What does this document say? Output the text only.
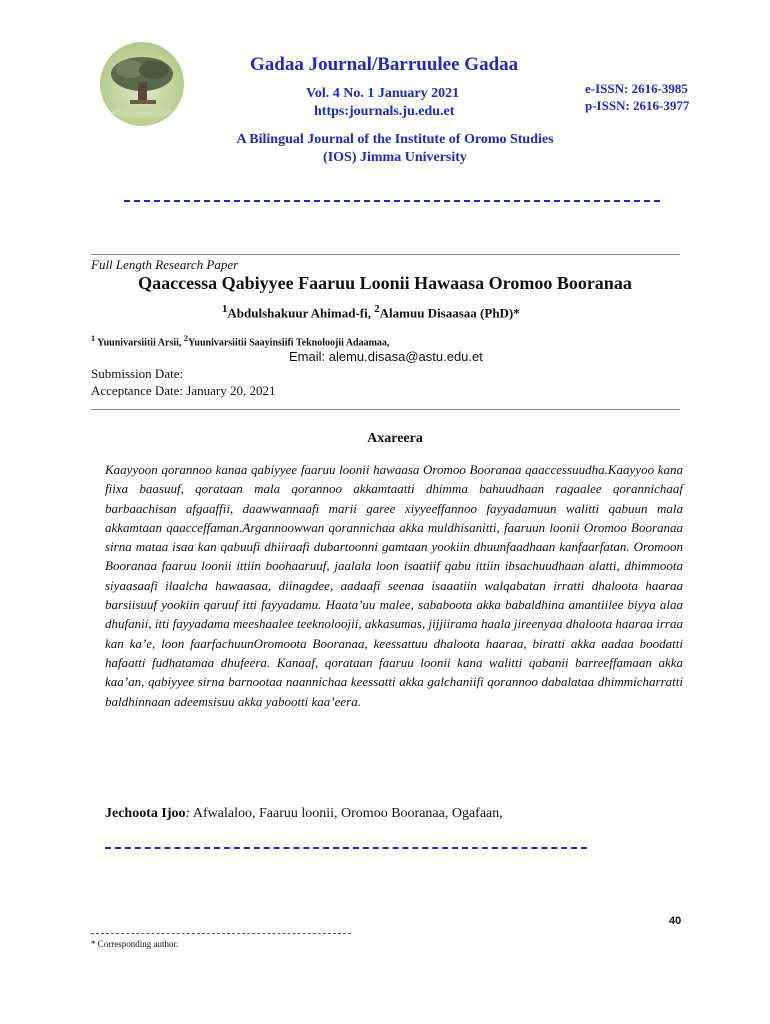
Gadaa Journal/Barruulee Gadaa
Vol. 4 No. 1 January 2021
https:journals.ju.edu.et
e-ISSN: 2616-3985
p-ISSN: 2616-3977
A Bilingual Journal of the Institute of Oromo Studies
(IOS) Jimma University
Full Length Research Paper
Qaaccessa Qabiyyee Faaruu Loonii Hawaasa Oromoo Booranaa
$^1$Abdulshakuur Ahimad-fi, $^2$Alamuu Disaasaa (PhD)*
$^1$ Yuunivarsiitii Arsii, $^2$Yuunivarsiitii Saayinsiifi Teknoloojii Adaamaa,
Email: alemu.disasa@astu.edu.et
Submission Date:
Acceptance Date: January 20, 2021
Axareera

Kaayyoon qorannoo kanaa qabiyyee faaruu loonii hawaasa Oromoo Booranaa qaaccessuudha.Kaayyoo kana fiixa baasuuf, qorataan mala qorannoo akkamtaatti dhimma bahuudhaan ragaalee qorannichaaf barbaachisan afgaaffii, daawwannaafi marii garee xiyyeeffannoo fayyadamuun walitti qabuun mala akkamtaan qaacceffaman.Argannoowwan qorannichaa akka muldhisanitti, faaruun loonii Oromoo Booranaa sirna mataa isaa kan qabuufi dhiiraafi dubartoonni gamtaan yookiin dhuunfaadhaan kanfaarfatan. Oromoon Booranaa faaruu loonii ittiin boohaaruuf, jaalala loon isaatiif qabu ittiin ibsachuudhaan alatti, dhimmoota siyaasaafi ilaalcha hawaasaa, diinagdee, aadaafi seenaa isaaatiin walqabatan irratti dhaloota haaraa barsiisuuf yookiin qaruuf itti fayyadamu. Haata’uu malee, sababoota akka babaldhina amantiilee biyya alaa dhufanii, itti fayyadama meeshaalee teeknoloojii, akkasumas, jijjiirama haala jireenyaa dhaloota haaraa irraa kan ka’e, loon faarfachuunOromoota Booranaa, keessattuu dhaloota haaraa, biratti akka aadaa boodatti hafaatti fudhatamaa dhufeera. Kanaaf, qorataan faaruu loonii kana walitti qabanii barreeffamaan akka kaa’an, qabiyyee sirna barnootaa naannichaa keessatti akka galchaniifi qorannoo dabalataa dhimmicharratti baldhinnaan adeemsisuu akka yabootti kaa’eera.

Jechoota Ijoo: Afwalaloo, Faaruu loonii, Oromoo Booranaa, Ogafaan,
40
* Corresponding author.
